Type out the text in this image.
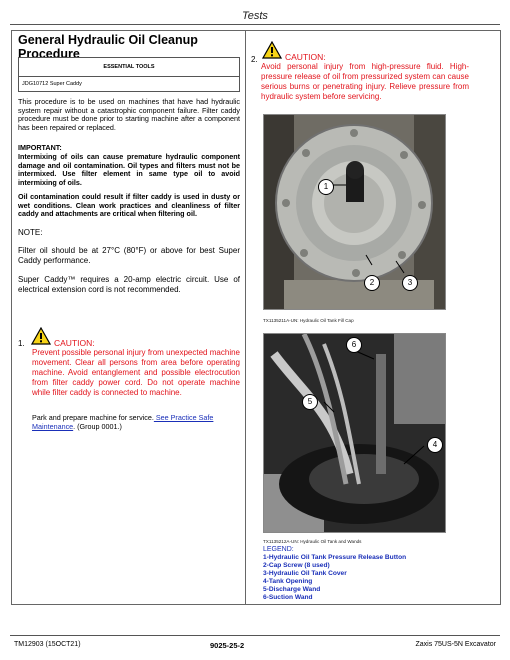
Tests
General Hydraulic Oil Cleanup Procedure
ESSENTIAL TOOLS
JDG10712 Super Caddy
This procedure is to be used on machines that have had hydraulic system repair without a catastrophic component failure. Filter caddy procedure must be done prior to starting machine after a component has been repaired or replaced.
IMPORTANT:
Intermixing of oils can cause premature hydraulic component damage and oil contamination. Oil types and filters must not be intermixed. Use filter element in same type oil to avoid intermixing of oils.
Oil contamination could result if filter caddy is used in dusty or wet conditions. Clean work practices and cleanliness of filter caddy and attachments are critical when filtering oil.
NOTE:
Filter oil should be at 27°C (80°F) or above for best Super Caddy performance.
Super Caddy™ requires a 20-amp electric circuit. Use of electrical extension cord is not recommended.
1.	CAUTION:
Prevent possible personal injury from unexpected machine movement. Clear all persons from area before operating machine. Avoid entanglement and possible electrocution from filter caddy power cord. Do not operate machine while filter caddy is connected to machine.
Park and prepare machine for service. See Practice Safe Maintenance. (Group 0001.)
2.	CAUTION:
Avoid personal injury from high-pressure fluid. High-pressure release of oil from pressurized system can cause serious burns or penetrating injury. Relieve pressure from hydraulic system before servicing.
1
2	3
TX1135211A-UN: Hydraulic Oil Tank Fill Cap
6
5
4
TX1135212A-UN: Hydraulic Oil Tank and Wands
LEGEND:
1-Hydraulic Oil Tank Pressure Release Button
2-Cap Screw (8 used)
3-Hydraulic Oil Tank Cover
4-Tank Opening
5-Discharge Wand
6-Suction Wand
TM12903 (15OCT21)	9025-25-2	Zaxis 75US-5N Excavator
